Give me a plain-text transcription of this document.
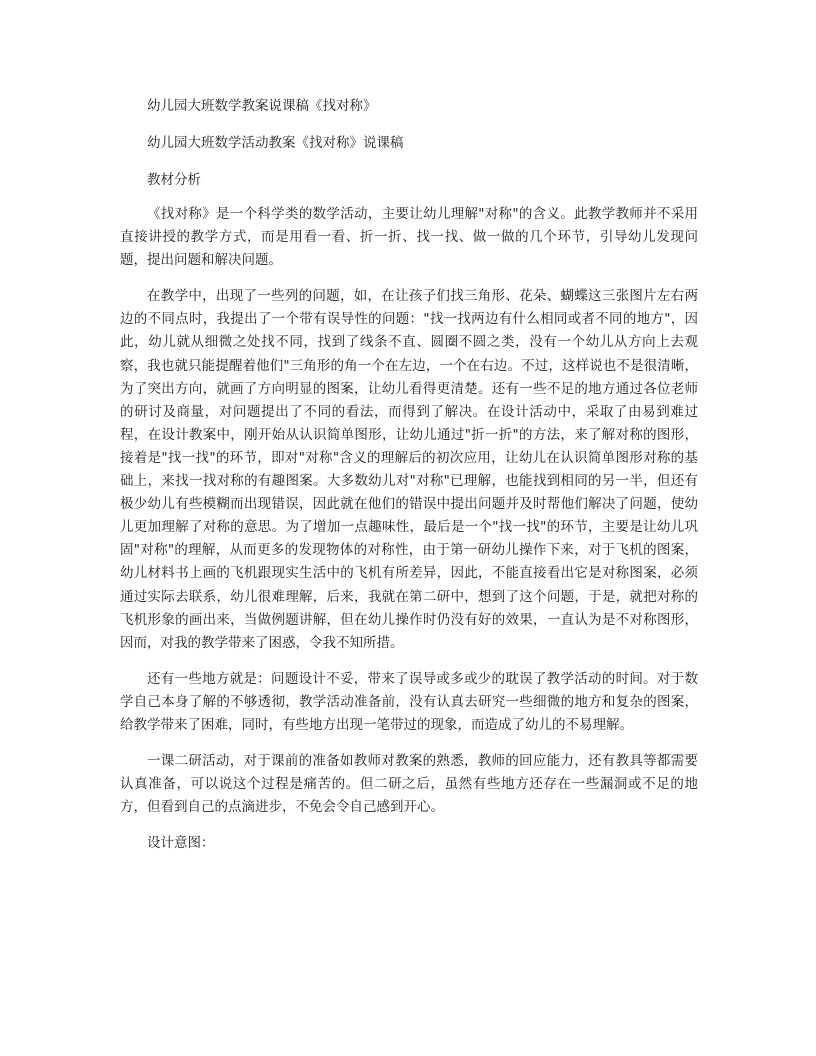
幼儿园大班数学教案说课稿《找对称》
幼儿园大班数学活动教案《找对称》说课稿
教材分析
《找对称》是一个科学类的数学活动，主要让幼儿理解"对称"的含义。此教学教师并不采用直接讲授的教学方式，而是用看一看、折一折、找一找、做一做的几个环节，引导幼儿发现问题，提出问题和解决问题。
在教学中，出现了一些列的问题，如，在让孩子们找三角形、花朵、蝴蝶这三张图片左右两边的不同点时，我提出了一个带有误导性的问题："找一找两边有什么相同或者不同的地方"，因此，幼儿就从细微之处找不同，找到了线条不直、圆圈不圆之类，没有一个幼儿从方向上去观察，我也就只能提醒着他们"三角形的角一个在左边，一个在右边。不过，这样说也不是很清晰，为了突出方向，就画了方向明显的图案，让幼儿看得更清楚。还有一些不足的地方通过各位老师的研讨及商量，对问题提出了不同的看法，而得到了解决。在设计活动中，采取了由易到难过程，在设计教案中，刚开始从认识简单图形，让幼儿通过"折一折"的方法，来了解对称的图形，接着是"找一找"的环节，即对"对称"含义的理解后的初次应用，让幼儿在认识简单图形对称的基础上，来找一找对称的有趣图案。大多数幼儿对"对称"已理解，也能找到相同的另一半，但还有极少幼儿有些模糊而出现错误，因此就在他们的错误中提出问题并及时帮他们解决了问题，使幼儿更加理解了对称的意思。为了增加一点趣味性，最后是一个"找一找"的环节，主要是让幼儿巩固"对称"的理解，从而更多的发现物体的对称性，由于第一研幼儿操作下来，对于飞机的图案，幼儿材料书上画的飞机跟现实生活中的飞机有所差异，因此，不能直接看出它是对称图案，必须通过实际去联系，幼儿很难理解，后来，我就在第二研中，想到了这个问题，于是，就把对称的飞机形象的画出来，当做例题讲解，但在幼儿操作时仍没有好的效果，一直认为是不对称图形，因而，对我的教学带来了困惑，令我不知所措。
还有一些地方就是：问题设计不妥，带来了误导或多或少的耽误了教学活动的时间。对于数学自己本身了解的不够透彻，教学活动准备前，没有认真去研究一些细微的地方和复杂的图案，给教学带来了困难，同时，有些地方出现一笔带过的现象，而造成了幼儿的不易理解。
一课二研活动，对于课前的准备如教师对教案的熟悉，教师的回应能力，还有教具等都需要认真准备，可以说这个过程是痛苦的。但二研之后，虽然有些地方还存在一些漏洞或不足的地方，但看到自己的点滴进步，不免会令自己感到开心。
设计意图：
